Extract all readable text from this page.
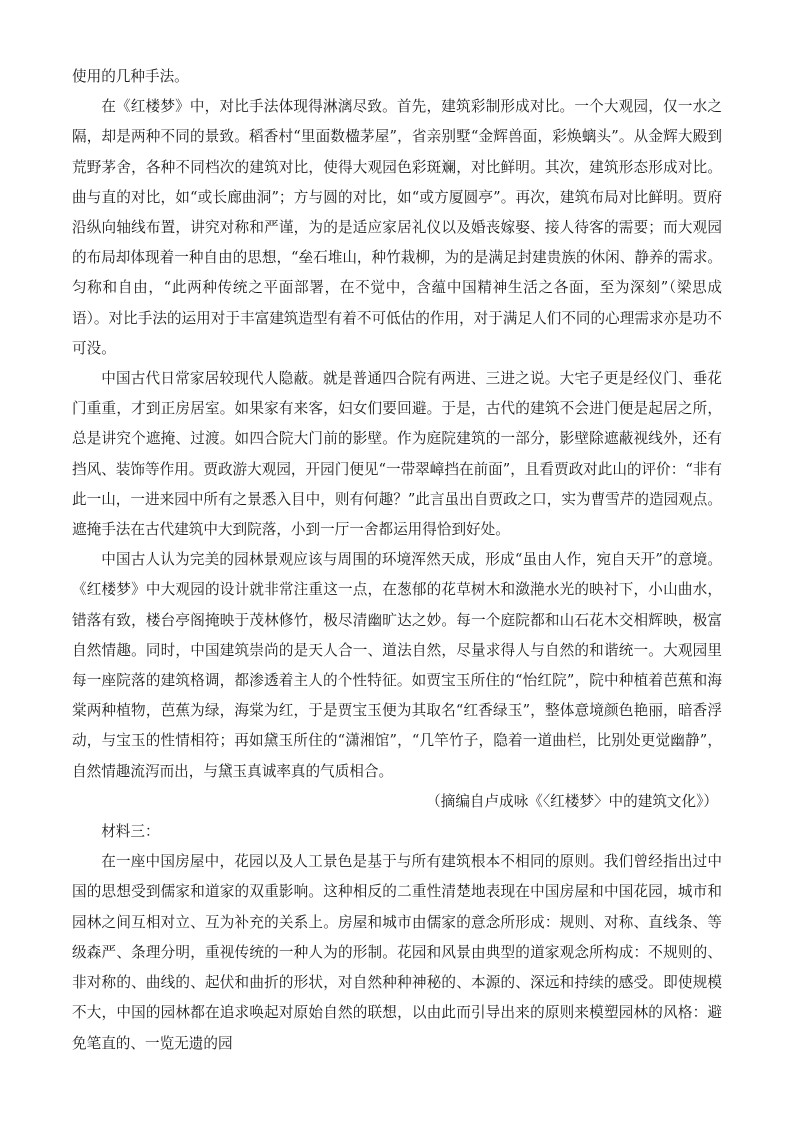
使用的几种手法。

在《红楼梦》中，对比手法体现得淋漓尽致。首先，建筑彩制形成对比。一个大观园，仅一水之隔，却是两种不同的景致。稻香村“里面数楹茅屋”，省亲别墅“金辉兽面，彩焕螭头”。从金辉大殿到荒野茅舍，各种不同档次的建筑对比，使得大观园色彩斑斓，对比鲜明。其次，建筑形态形成对比。曲与直的对比，如“或长廊曲洞”；方与圆的对比，如“或方厦圆亭”。再次，建筑布局对比鲜明。贾府沿纵向轴线布置，讲究对称和严谨，为的是适应家居礼仪以及婚丧嫁娶、接人待客的需要；而大观园的布局却体现着一种自由的思想，“垒石堆山，种竹栽柳，为的是满足封建贵族的休闲、静养的需求。匀称和自由，“此两种传统之平面部署，在不觉中，含蕴中国精神生活之各面，至为深刻”（梁思成语）。对比手法的运用对于丰富建筑造型有着不可低估的作用，对于满足人们不同的心理需求亦是功不可没。

中国古代日常家居较现代人隐蔽。就是普通四合院有两进、三进之说。大宅子更是经仪门、垂花门重重，才到正房居室。如果家有来客，妇女们要回避。于是，古代的建筑不会进门便是起居之所，总是讲究个遮掩、过渡。如四合院大门前的影壁。作为庭院建筑的一部分，影壁除遮蔽视线外，还有挡风、装饰等作用。贾政游大观园，开园门便见“一带翠嶂挡在前面”，且看贾政对此山的评价：“非有此一山，一进来园中所有之景悉入目中，则有何趣？”此言虽出自贾政之口，实为曹雪芹的造园观点。遮掩手法在古代建筑中大到院落，小到一厅一舍都运用得恰到好处。

中国古人认为完美的园林景观应该与周围的环境浑然天成，形成“虽由人作，宛自天开”的意境。《红楼梦》中大观园的设计就非常注重这一点，在葱郁的花草树木和潋滟水光的映衬下，小山曲水，错落有致，楼台亭阁掩映于茂林修竹，极尽清幽旷达之妙。每一个庭院都和山石花木交相辉映，极富自然情趣。同时，中国建筑崇尚的是天人合一、道法自然，尽量求得人与自然的和谐统一。大观园里每一座院落的建筑格调，都渗透着主人的个性特征。如贾宝玉所住的“怡红院”，院中种植着芭蕉和海棠两种植物，芭蕉为绿，海棠为红，于是贾宝玉便为其取名“红香绿玉”，整体意境颜色艳丽，暗香浮动，与宝玉的性情相符；再如黛玉所住的“潇湘馆”，“几竿竹子，隐着一道曲栏，比别处更觉幽静”，自然情趣流泻而出，与黛玉真诚率真的气质相合。

（摘编自卢成咏《〈红楼梦〉中的建筑文化》）

材料三：

在一座中国房屋中，花园以及人工景色是基于与所有建筑根本不相同的原则。我们曾经指出过中国的思想受到儒家和道家的双重影响。这种相反的二重性清楚地表现在中国房屋和中国花园，城市和园林之间互相对立、互为补充的关系上。房屋和城市由儒家的意念所形成：规则、对称、直线条、等级森严、条理分明，重视传统的一种人为的形制。花园和风景由典型的道家观念所构成：不规则的、非对称的、曲线的、起伏和曲折的形状，对自然种种神秘的、本源的、深远和持续的感受。即使规模不大，中国的园林都在追求唤起对原始自然的联想，以由此而引导出来的原则来模塑园林的风格：避免笔直的、一览无遗的园
